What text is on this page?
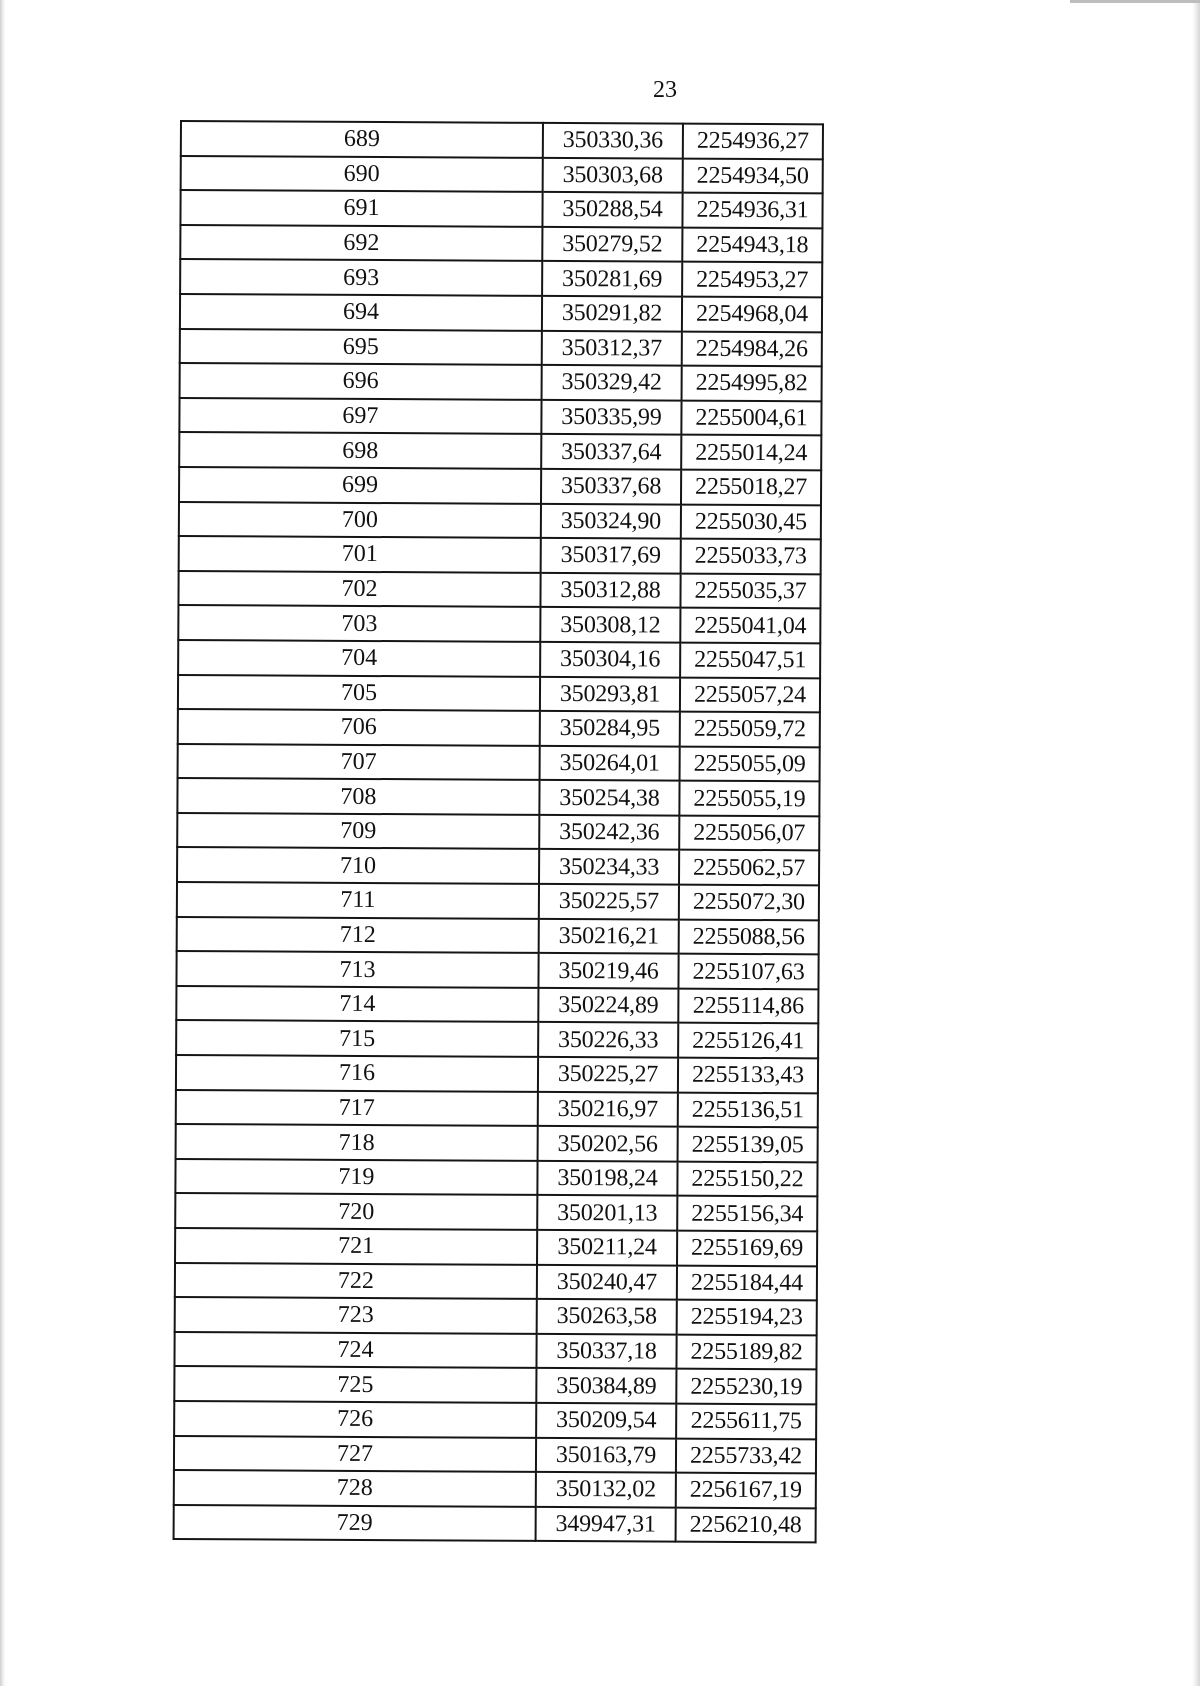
23
689	350330,36	2254936,27
690	350303,68	2254934,50
691	350288,54	2254936,31
692	350279,52	2254943,18
693	350281,69	2254953,27
694	350291,82	2254968,04
695	350312,37	2254984,26
696	350329,42	2254995,82
697	350335,99	2255004,61
698	350337,64	2255014,24
699	350337,68	2255018,27
700	350324,90	2255030,45
701	350317,69	2255033,73
702	350312,88	2255035,37
703	350308,12	2255041,04
704	350304,16	2255047,51
705	350293,81	2255057,24
706	350284,95	2255059,72
707	350264,01	2255055,09
708	350254,38	2255055,19
709	350242,36	2255056,07
710	350234,33	2255062,57
711	350225,57	2255072,30
712	350216,21	2255088,56
713	350219,46	2255107,63
714	350224,89	2255114,86
715	350226,33	2255126,41
716	350225,27	2255133,43
717	350216,97	2255136,51
718	350202,56	2255139,05
719	350198,24	2255150,22
720	350201,13	2255156,34
721	350211,24	2255169,69
722	350240,47	2255184,44
723	350263,58	2255194,23
724	350337,18	2255189,82
725	350384,89	2255230,19
726	350209,54	2255611,75
727	350163,79	2255733,42
728	350132,02	2256167,19
729	349947,31	2256210,48
